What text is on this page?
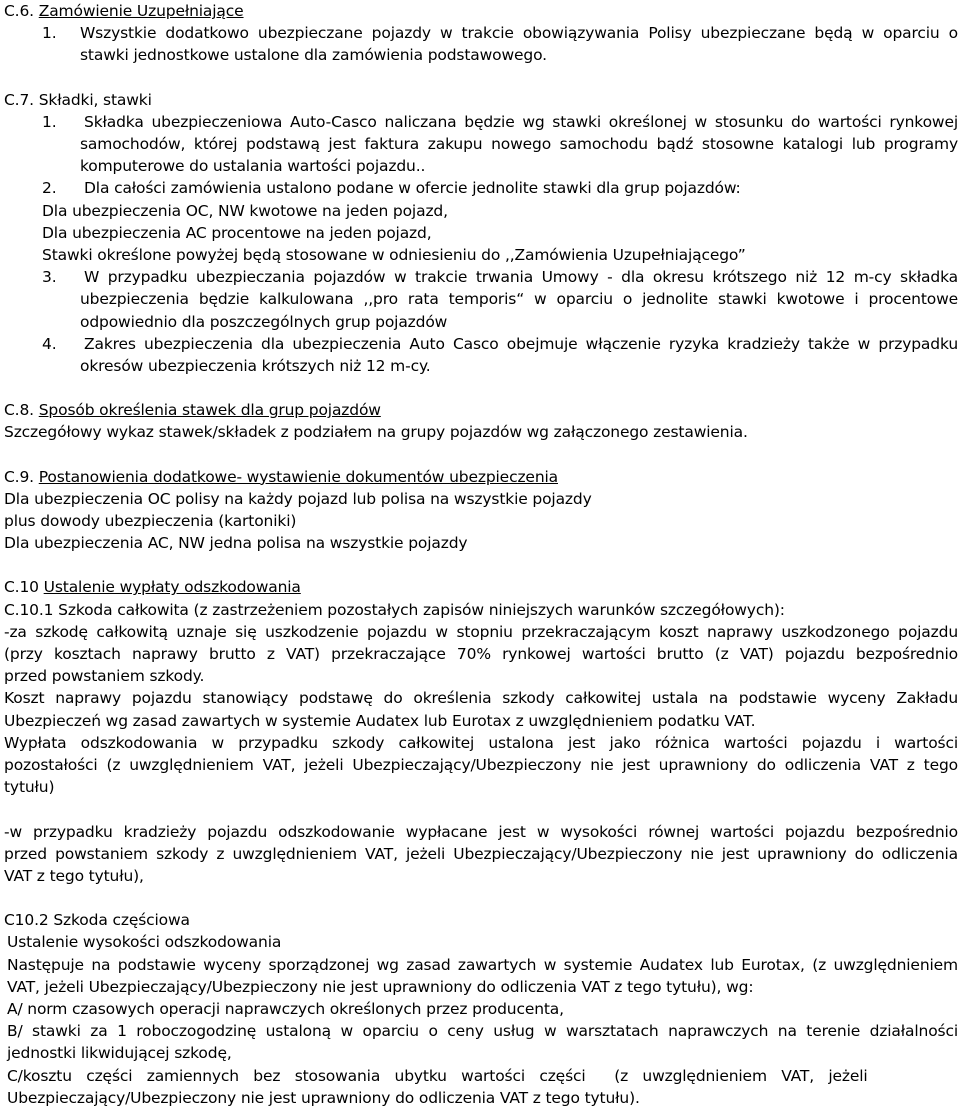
C.6. Zamówienie Uzupełniające
1.	Wszystkie dodatkowo ubezpieczane pojazdy w trakcie obowiązywania Polisy ubezpieczane będą w oparciu o
stawki jednostkowe ustalone dla zamówienia podstawowego.
C.7. Składki, stawki
1.	Składka ubezpieczeniowa Auto-Casco naliczana będzie wg stawki określonej w stosunku do wartości rynkowej
samochodów, której podstawą jest faktura zakupu nowego samochodu bądź stosowne katalogi lub programy
komputerowe do ustalania wartości pojazdu..
2.	Dla całości zamówienia ustalono podane w ofercie jednolite stawki dla grup pojazdów:
Dla ubezpieczenia OC, NW kwotowe na jeden pojazd,
Dla ubezpieczenia AC procentowe na jeden pojazd,
Stawki określone powyżej będą stosowane w odniesieniu do ,,Zamówienia Uzupełniającego”
3.	W przypadku ubezpieczania pojazdów w trakcie trwania Umowy - dla okresu krótszego niż 12 m-cy składka
ubezpieczenia będzie kalkulowana ,,pro rata temporis“ w oparciu o jednolite stawki kwotowe i procentowe
odpowiednio dla poszczególnych grup pojazdów
4.	Zakres ubezpieczenia dla ubezpieczenia Auto Casco obejmuje włączenie ryzyka kradzieży także w przypadku
okresów ubezpieczenia krótszych niż 12 m-cy.
C.8. Sposób określenia stawek dla grup pojazdów
Szczegółowy wykaz stawek/składek z podziałem na grupy pojazdów wg załączonego zestawienia.
C.9. Postanowienia dodatkowe- wystawienie dokumentów ubezpieczenia
Dla ubezpieczenia OC polisy na każdy pojazd lub polisa na wszystkie pojazdy
plus dowody ubezpieczenia (kartoniki)
Dla ubezpieczenia AC, NW jedna polisa na wszystkie pojazdy
C.10 Ustalenie wypłaty odszkodowania
C.10.1 Szkoda całkowita (z zastrzeżeniem pozostałych zapisów niniejszych warunków szczegółowych):
-za szkodę całkowitą uznaje się uszkodzenie pojazdu w stopniu przekraczającym koszt naprawy uszkodzonego pojazdu
(przy kosztach naprawy brutto z VAT) przekraczające 70% rynkowej wartości brutto (z VAT) pojazdu bezpośrednio
przed powstaniem szkody.
Koszt naprawy pojazdu stanowiący podstawę do określenia szkody całkowitej ustala na podstawie wyceny Zakładu
Ubezpieczeń wg zasad zawartych w systemie Audatex lub Eurotax z uwzględnieniem podatku VAT.
Wypłata odszkodowania w przypadku szkody całkowitej ustalona jest jako różnica wartości pojazdu i wartości
pozostałości (z uwzględnieniem VAT, jeżeli Ubezpieczający/Ubezpieczony nie jest uprawniony do odliczenia VAT z tego
tytułu)
-w przypadku kradzieży pojazdu odszkodowanie wypłacane jest w wysokości równej wartości pojazdu bezpośrednio
przed powstaniem szkody z uwzględnieniem VAT, jeżeli Ubezpieczający/Ubezpieczony nie jest uprawniony do odliczenia
VAT z tego tytułu),
C10.2 Szkoda częściowa
Ustalenie wysokości odszkodowania
Następuje na podstawie wyceny sporządzonej wg zasad zawartych w systemie Audatex lub Eurotax, (z uwzględnieniem
VAT, jeżeli Ubezpieczający/Ubezpieczony nie jest uprawniony do odliczenia VAT z tego tytułu), wg:
A/ norm czasowych operacji naprawczych określonych przez producenta,
B/ stawki za 1 roboczogodzinę ustaloną w oparciu o ceny usług w warsztatach naprawczych na terenie działalności
jednostki likwidującej szkodę,
C/kosztu   części   zamiennych   bez   stosowania   ubytku   wartości   części      (z   uwzględnieniem   VAT,   jeżeli
Ubezpieczający/Ubezpieczony nie jest uprawniony do odliczenia VAT z tego tytułu).
